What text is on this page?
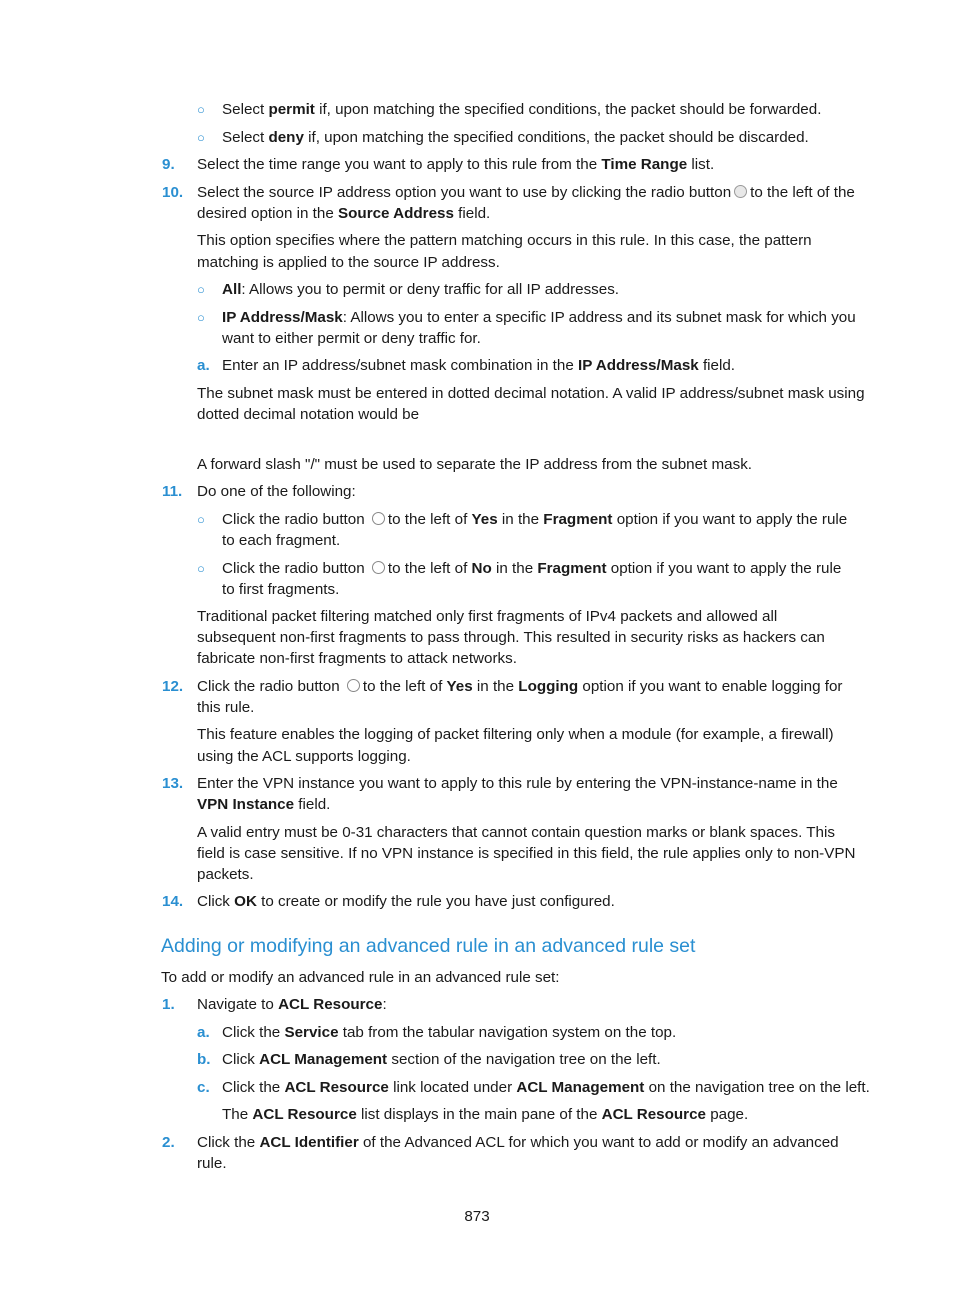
○ Select permit if, upon matching the specified conditions, the packet should be forwarded.
○ Select deny if, upon matching the specified conditions, the packet should be discarded.
9. Select the time range you want to apply to this rule from the Time Range list.
10. Select the source IP address option you want to use by clicking the radio button to the left of the
desired option in the Source Address field.
This option specifies where the pattern matching occurs in this rule. In this case, the pattern
matching is applied to the source IP address.
○ All: Allows you to permit or deny traffic for all IP addresses.
○ IP Address/Mask: Allows you to enter a specific IP address and its subnet mask for which you
want to either permit or deny traffic for.
a. Enter an IP address/subnet mask combination in the IP Address/Mask field.
The subnet mask must be entered in dotted decimal notation. A valid IP address/subnet mask using
dotted decimal notation would be
A forward slash "/" must be used to separate the IP address from the subnet mask.
11. Do one of the following:
○ Click the radio button to the left of Yes in the Fragment option if you want to apply the rule
to each fragment.
○ Click the radio button to the left of No in the Fragment option if you want to apply the rule
to first fragments.
Traditional packet filtering matched only first fragments of IPv4 packets and allowed all
subsequent non-first fragments to pass through. This resulted in security risks as hackers can
fabricate non-first fragments to attack networks.
12. Click the radio button to the left of Yes in the Logging option if you want to enable logging for
this rule.
This feature enables the logging of packet filtering only when a module (for example, a firewall)
using the ACL supports logging.
13. Enter the VPN instance you want to apply to this rule by entering the VPN-instance-name in the
VPN Instance field.
A valid entry must be 0-31 characters that cannot contain question marks or blank spaces. This
field is case sensitive. If no VPN instance is specified in this field, the rule applies only to non-VPN
packets.
14. Click OK to create or modify the rule you have just configured.
Adding or modifying an advanced rule in an advanced rule set
To add or modify an advanced rule in an advanced rule set:
1. Navigate to ACL Resource:
a. Click the Service tab from the tabular navigation system on the top.
b. Click ACL Management section of the navigation tree on the left.
c. Click the ACL Resource link located under ACL Management on the navigation tree on the left.
The ACL Resource list displays in the main pane of the ACL Resource page.
2. Click the ACL Identifier of the Advanced ACL for which you want to add or modify an advanced
rule.
873
